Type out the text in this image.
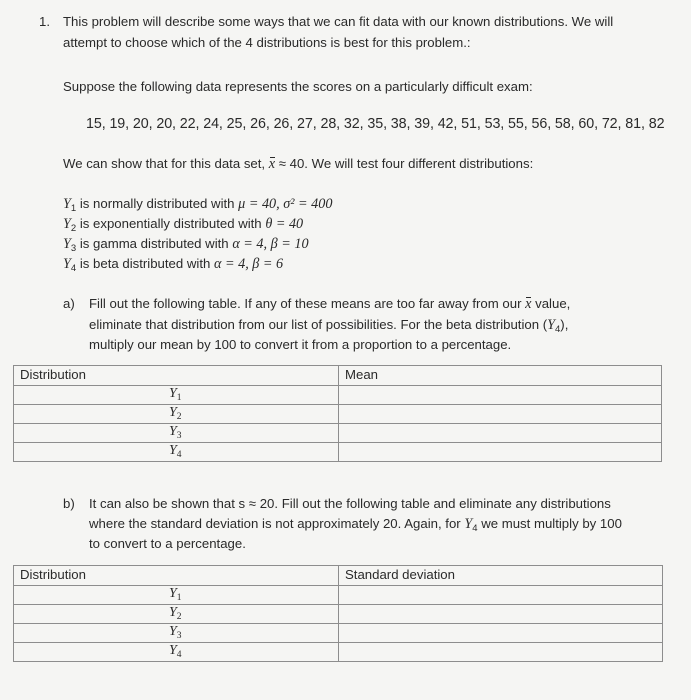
1. This problem will describe some ways that we can fit data with our known distributions. We will
attempt to choose which of the 4 distributions is best for this problem.:
Suppose the following data represents the scores on a particularly difficult exam:
15, 19, 20, 20, 22, 24, 25, 26, 26, 27, 28, 32, 35, 38, 39, 42, 51, 53, 55, 56, 58, 60, 72, 81, 82
We can show that for this data set, x ≈ 40. We will test four different distributions:
$Y_1$ is normally distributed with μ = 40, σ² = 400
$Y_2$ is exponentially distributed with θ = 40
$Y_3$ is gamma distributed with α = 4, β = 10
$Y_4$ is beta distributed with α = 4, β = 6
a) Fill out the following table. If any of these means are too far away from our x value,
eliminate that distribution from our list of possibilities. For the beta distribution $(Y_4)$,
multiply our mean by 100 to convert it from a proportion to a percentage.
Distribution	Mean
$Y_1$	
$Y_2$	
$Y_3$	
$Y_4$	
b) It can also be shown that s ≈ 20. Fill out the following table and eliminate any distributions
where the standard deviation is not approximately 20. Again, for $Y_4$ we must multiply by 100
to convert to a percentage.
Distribution	Standard deviation
$Y_1$	
$Y_2$	
$Y_3$	
$Y_4$	
